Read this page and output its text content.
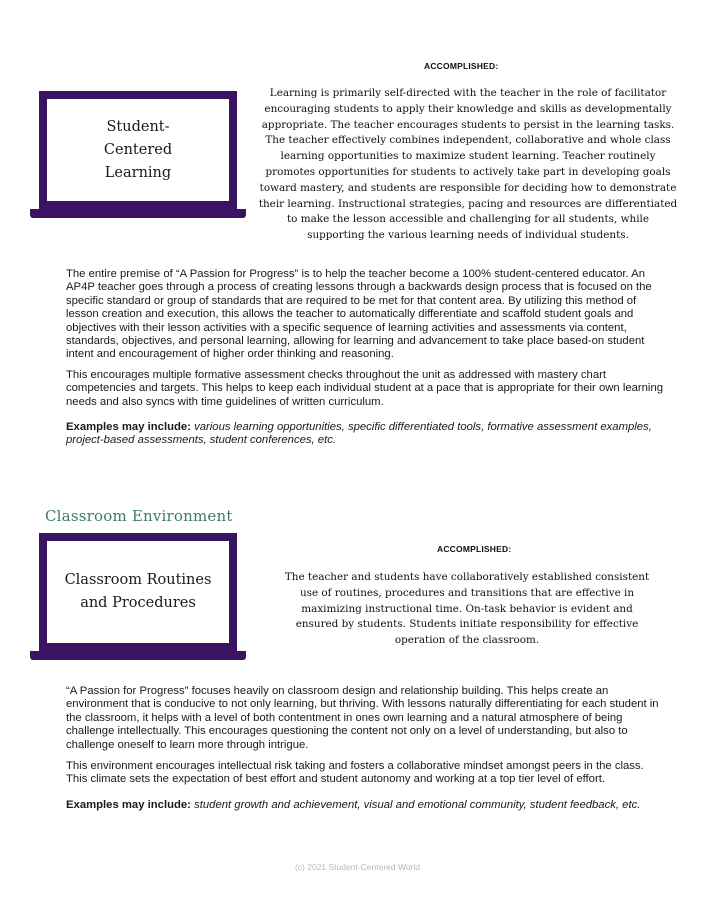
Student-Centered Learning
ACCOMPLISHED:
Learning is primarily self-directed with the teacher in the role of facilitator encouraging students to apply their knowledge and skills as developmentally appropriate. The teacher encourages students to persist in the learning tasks. The teacher effectively combines independent, collaborative and whole class learning opportunities to maximize student learning. Teacher routinely promotes opportunities for students to actively take part in developing goals toward mastery, and students are responsible for deciding how to demonstrate their learning. Instructional strategies, pacing and resources are differentiated to make the lesson accessible and challenging for all students, while supporting the various learning needs of individual students.
The entire premise of “A Passion for Progress” is to help the teacher become a 100% student-centered educator. An AP4P teacher goes through a process of creating lessons through a backwards design process that is focused on the specific standard or group of standards that are required to be met for that content area. By utilizing this method of lesson creation and execution, this allows the teacher to automatically differentiate and scaffold student goals and objectives with their lesson activities with a specific sequence of learning activities and assessments via content, standards, objectives, and personal learning, allowing for learning and advancement to take place based-on student intent and encouragement of higher order thinking and reasoning.
This encourages multiple formative assessment checks throughout the unit as addressed with mastery chart competencies and targets. This helps to keep each individual student at a pace that is appropriate for their own learning needs and also syncs with time guidelines of written curriculum.
Examples may include: various learning opportunities, specific differentiated tools, formative assessment examples, project-based assessments, student conferences, etc.
Classroom Environment
Classroom Routines and Procedures
ACCOMPLISHED:
The teacher and students have collaboratively established consistent use of routines, procedures and transitions that are effective in maximizing instructional time. On-task behavior is evident and ensured by students. Students initiate responsibility for effective operation of the classroom.
“A Passion for Progress” focuses heavily on classroom design and relationship building. This helps create an environment that is conducive to not only learning, but thriving. With lessons naturally differentiating for each student in the classroom, it helps with a level of both contentment in ones own learning and a natural atmosphere of being challenge intellectually. This encourages questioning the content not only on a level of understanding, but also to challenge oneself to learn more through intrigue.
This environment encourages intellectual risk taking and fosters a collaborative mindset amongst peers in the class. This climate sets the expectation of best effort and student autonomy and working at a top tier level of effort.
Examples may include: student growth and achievement, visual and emotional community, student feedback, etc.
(c) 2021 Student-Centered World
